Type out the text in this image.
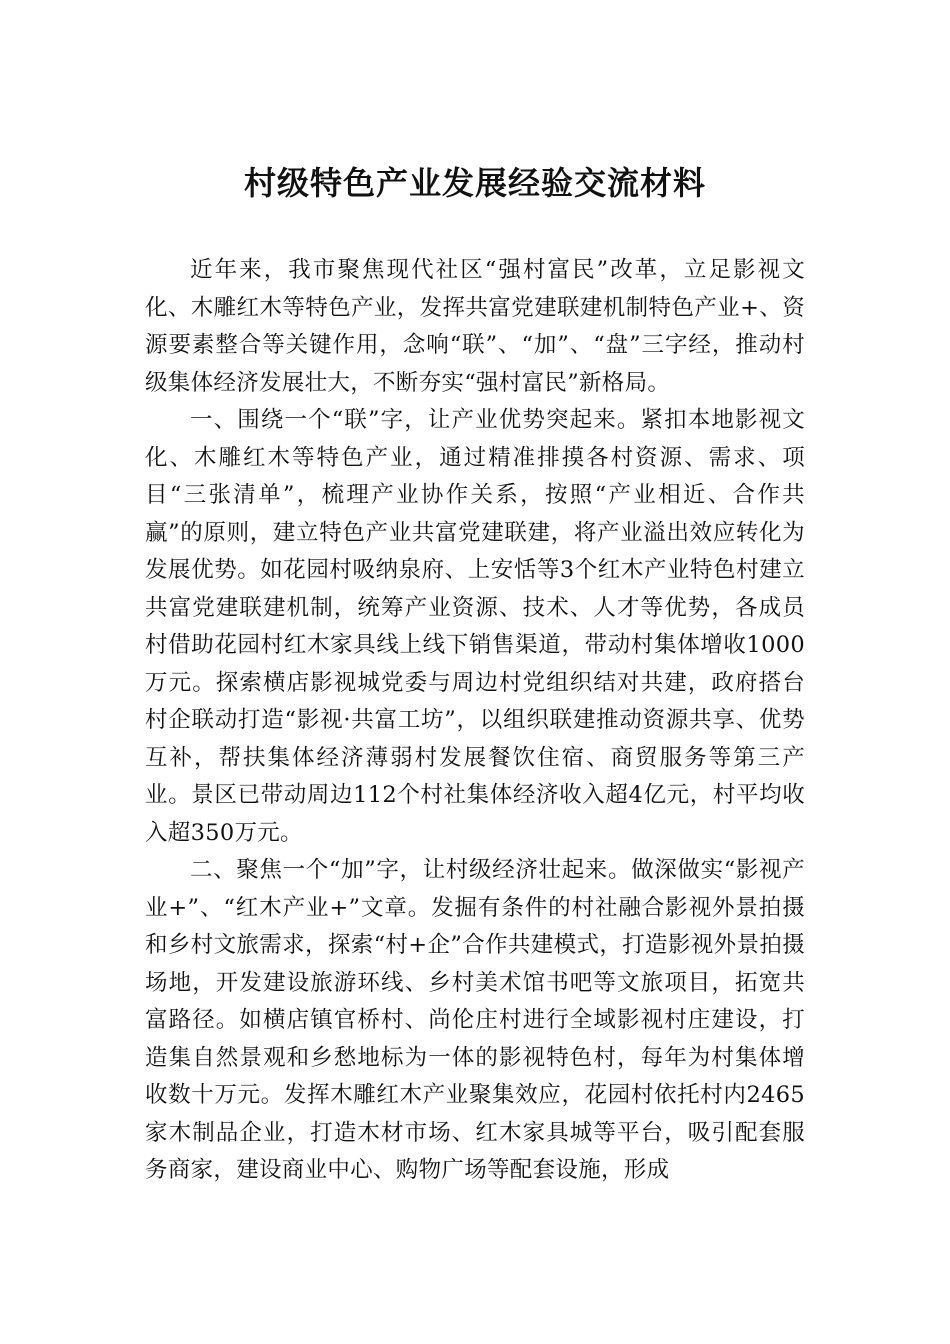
村级特色产业发展经验交流材料

近年来，我市聚焦现代社区“强村富民”改革，立足影视文化、木雕红木等特色产业，发挥共富党建联建机制特色产业+、资源要素整合等关键作用，念响“联”、“加”、“盘”三字经，推动村级集体经济发展壮大，不断夯实“强村富民”新格局。

一、围绕一个“联”字，让产业优势突起来。紧扣本地影视文化、木雕红木等特色产业，通过精准排摸各村资源、需求、项目“三张清单”，梳理产业协作关系，按照“产业相近、合作共赢”的原则，建立特色产业共富党建联建，将产业溢出效应转化为发展优势。如花园村吸纳泉府、上安恬等3个红木产业特色村建立共富党建联建机制，统筹产业资源、技术、人才等优势，各成员村借助花园村红木家具线上线下销售渠道，带动村集体增收1000万元。探索横店影视城党委与周边村党组织结对共建，政府搭台村企联动打造“影视·共富工坊”，以组织联建推动资源共享、优势互补，帮扶集体经济薄弱村发展餐饮住宿、商贸服务等第三产业。景区已带动周边112个村社集体经济收入超4亿元，村平均收入超350万元。

二、聚焦一个“加”字，让村级经济壮起来。做深做实“影视产业+”、“红木产业+”文章。发掘有条件的村社融合影视外景拍摄和乡村文旅需求，探索“村+企”合作共建模式，打造影视外景拍摄场地，开发建设旅游环线、乡村美术馆书吧等文旅项目，拓宽共富路径。如横店镇官桥村、尚伦庄村进行全域影视村庄建设，打造集自然景观和乡愁地标为一体的影视特色村，每年为村集体增收数十万元。发挥木雕红木产业聚集效应，花园村依托村内2465家木制品企业，打造木材市场、红木家具城等平台，吸引配套服务商家，建设商业中心、购物广场等配套设施，形成
